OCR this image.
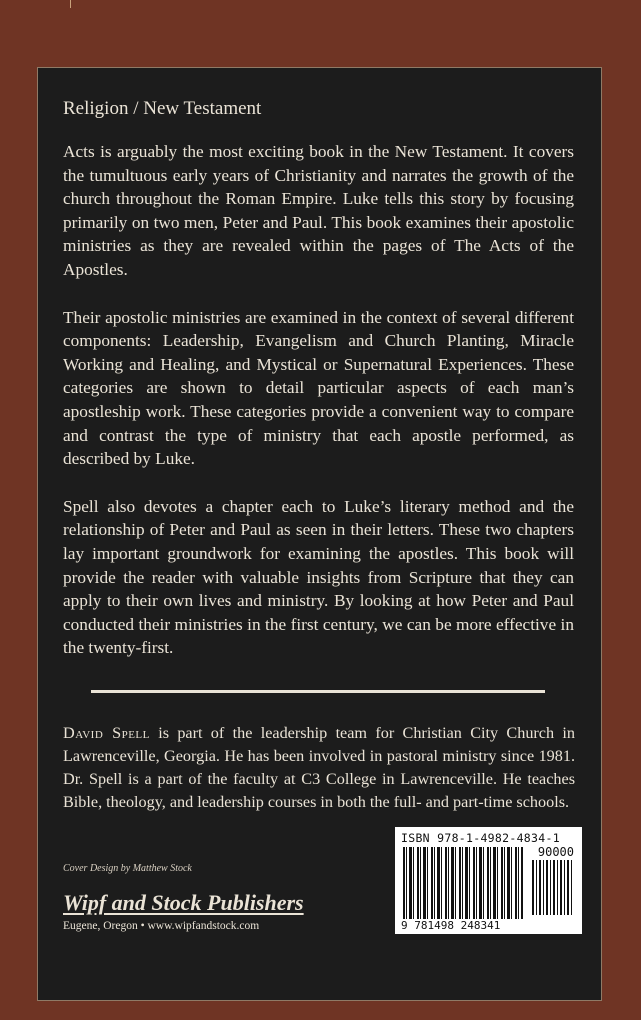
Religion / New Testament

Acts is arguably the most exciting book in the New Testament. It covers the tumultuous early years of Christianity and narrates the growth of the church throughout the Roman Empire. Luke tells this story by focusing primarily on two men, Peter and Paul. This book examines their apostolic ministries as they are revealed within the pages of The Acts of the Apostles.

Their apostolic ministries are examined in the context of several different components: Leadership, Evangelism and Church Planting, Miracle Working and Healing, and Mystical or Supernatural Experiences. These categories are shown to detail particular aspects of each man’s apostleship work. These categories provide a convenient way to compare and contrast the type of ministry that each apostle performed, as described by Luke.

Spell also devotes a chapter each to Luke’s literary method and the relationship of Peter and Paul as seen in their letters. These two chapters lay important groundwork for examining the apostles. This book will provide the reader with valuable insights from Scripture that they can apply to their own lives and ministry. By looking at how Peter and Paul conducted their ministries in the first century, we can be more effective in the twenty-first.

David Spell is part of the leadership team for Christian City Church in Lawrenceville, Georgia. He has been involved in pastoral ministry since 1981. Dr. Spell is a part of the faculty at C3 College in Lawrenceville. He teaches Bible, theology, and leadership courses in both the full- and part-time schools.
Cover Design by Matthew Stock
Wipf and Stock Publishers
Eugene, Oregon • www.wipfandstock.com
ISBN 978-1-4982-4834-1
90000
9 781498 248341
